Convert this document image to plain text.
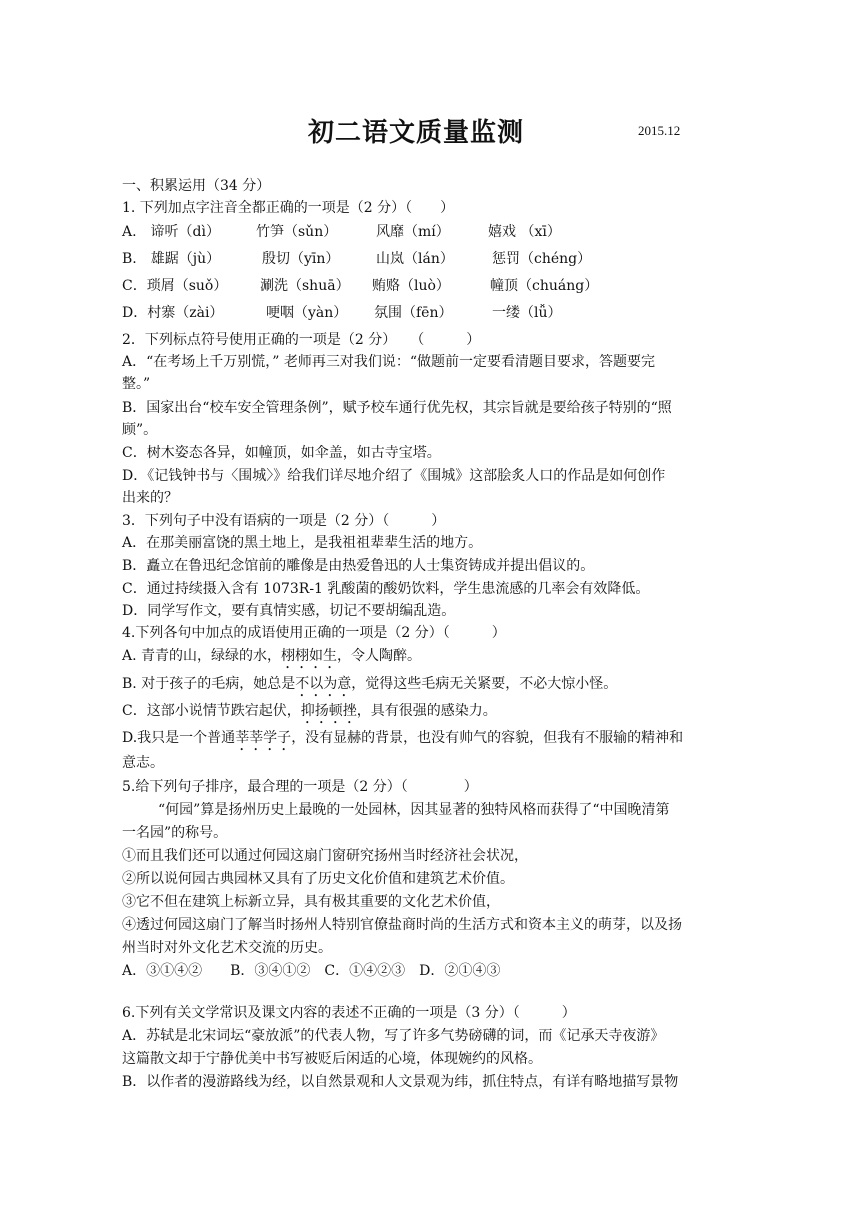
初二语文质量监测	2015.12
一、积累运用（34 分）
1. 下列加点字注音全都正确的一项是（2 分）（　　）
A.　谛听（dì）	竹笋（sǔn）	风靡（mí）	嬉戏 （xī）
B.　雄踞（jù）	殷切（yīn）	山岚（lán）	惩罚（chéng）
C．琐屑（suǒ） 涮洗（shuā） 贿赂（luò）	幢顶（chuáng）
D．村寨（zài）	哽咽（yàn） 氛围（fēn）	一缕（lǚ）
2．下列标点符号使用正确的一项是（2 分）　　（　　　）
A．“在考场上千万别慌，” 老师再三对我们说：“做题前一定要看清题目要求，答题要完
整。”
B．国家出台“校车安全管理条例”，赋予校车通行优先权，其宗旨就是要给孩子特别的“照
顾”。
C．树木姿态各异，如幢顶，如伞盖，如古寺宝塔。
D．《记钱钟书与〈围城〉》给我们详尽地介绍了《围城》这部脍炙人口的作品是如何创作
出来的？
3．下列句子中没有语病的一项是（2 分）（　　　）
A．在那美丽富饶的黑土地上，是我祖祖辈辈生活的地方。
B．矗立在鲁迅纪念馆前的雕像是由热爱鲁迅的人士集资铸成并提出倡议的。
C．通过持续摄入含有 1073R-1 乳酸菌的酸奶饮料，学生患流感的几率会有效降低。
D．同学写作文，要有真情实感，切记不要胡编乱造。
4.下列各句中加点的成语使用正确的一项是（2 分）（　　　）
A. 青青的山，绿绿的水，栩栩如生，令人陶醉。
B. 对于孩子的毛病，她总是不以为意，觉得这些毛病无关紧要，不必大惊小怪。
C．这部小说情节跌宕起伏，抑扬顿挫，具有很强的感染力。
D.我只是一个普通莘莘学子，没有显赫的背景，也没有帅气的容貌，但我有不服输的精神和
意志。
5.给下列句子排序，最合理的一项是（2 分）（　　　　）
“何园”算是扬州历史上最晚的一处园林，因其显著的独特风格而获得了“中国晚清第
一名园”的称号。
①而且我们还可以通过何园这扇门窗研究扬州当时经济社会状况，
②所以说何园古典园林又具有了历史文化价值和建筑艺术价值。
③它不但在建筑上标新立异，具有极其重要的文化艺术价值，
④透过何园这扇门了解当时扬州人特别官僚盐商时尚的生活方式和资本主义的萌芽，以及扬
州当时对外文化艺术交流的历史。
A．③①④②　　B．③④①②　C．①④②③　D．②①④③
6.下列有关文学常识及课文内容的表述不正确的一项是（3 分）（　　　）
A．苏轼是北宋词坛“豪放派”的代表人物，写了许多气势磅礴的词，而《记承天寺夜游》
这篇散文却于宁静优美中书写被贬后闲适的心境，体现婉约的风格。
B．以作者的漫游路线为经，以自然景观和人文景观为纬，抓住特点，有详有略地描写景物
